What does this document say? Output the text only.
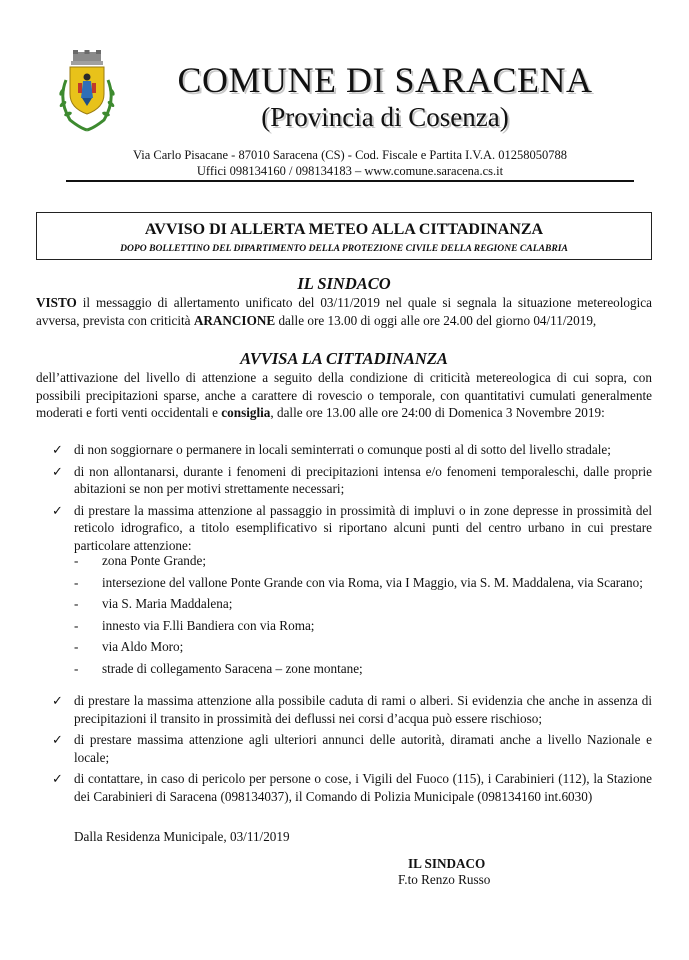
COMUNE DI SARACENA
(Provincia di Cosenza)
Via Carlo Pisacane - 87010 Saracena (CS) - Cod. Fiscale e Partita I.V.A. 01258050788
Uffici 098134160 / 098134183 – www.comune.saracena.cs.it
AVVISO DI ALLERTA METEO ALLA CITTADINANZA
DOPO BOLLETTINO DEL DIPARTIMENTO DELLA PROTEZIONE CIVILE DELLA REGIONE CALABRIA
IL SINDACO
VISTO il messaggio di allertamento unificato del 03/11/2019 nel quale si segnala la situazione metereologica avversa, prevista con criticità ARANCIONE dalle ore 13.00 di oggi alle ore 24.00 del giorno 04/11/2019,
AVVISA LA CITTADINANZA
dell’attivazione del livello di attenzione a seguito della condizione di criticità metereologica di cui sopra, con possibili precipitazioni sparse, anche a carattere di rovescio o temporale, con quantitativi cumulati generalmente moderati e forti venti occidentali e consiglia, dalle ore 13.00 alle ore 24:00 di Domenica 3 Novembre 2019:
✓ di non soggiornare o permanere in locali seminterrati o comunque posti al di sotto del livello stradale;
✓ di non allontanarsi, durante i fenomeni di precipitazioni intensa e/o fenomeni temporaleschi, dalle proprie abitazioni se non per motivi strettamente necessari;
✓ di prestare la massima attenzione al passaggio in prossimità di impluvi o in zone depresse in prossimità del reticolo idrografico, a titolo esemplificativo si riportano alcuni punti del centro urbano in cui prestare particolare attenzione:
-	zona Ponte Grande;
-	intersezione del vallone Ponte Grande con via Roma, via I Maggio, via S. M. Maddalena, via Scarano;
-	via S. Maria Maddalena;
-	innesto via F.lli Bandiera con via Roma;
-	via Aldo Moro;
-	strade di collegamento Saracena – zone montane;
✓ di prestare la massima attenzione alla possibile caduta di rami o alberi. Si evidenzia che anche in assenza di precipitazioni il transito in prossimità dei deflussi nei corsi d’acqua può essere rischioso;
✓ di prestare massima attenzione agli ulteriori annunci delle autorità, diramati anche a livello Nazionale e locale;
✓ di contattare, in caso di pericolo per persone o cose, i Vigili del Fuoco (115), i Carabinieri (112), la Stazione dei Carabinieri di Saracena (098134037), il Comando di Polizia Municipale (098134160 int.6030)
Dalla Residenza Municipale, 03/11/2019
IL SINDACO
F.to Renzo Russo
